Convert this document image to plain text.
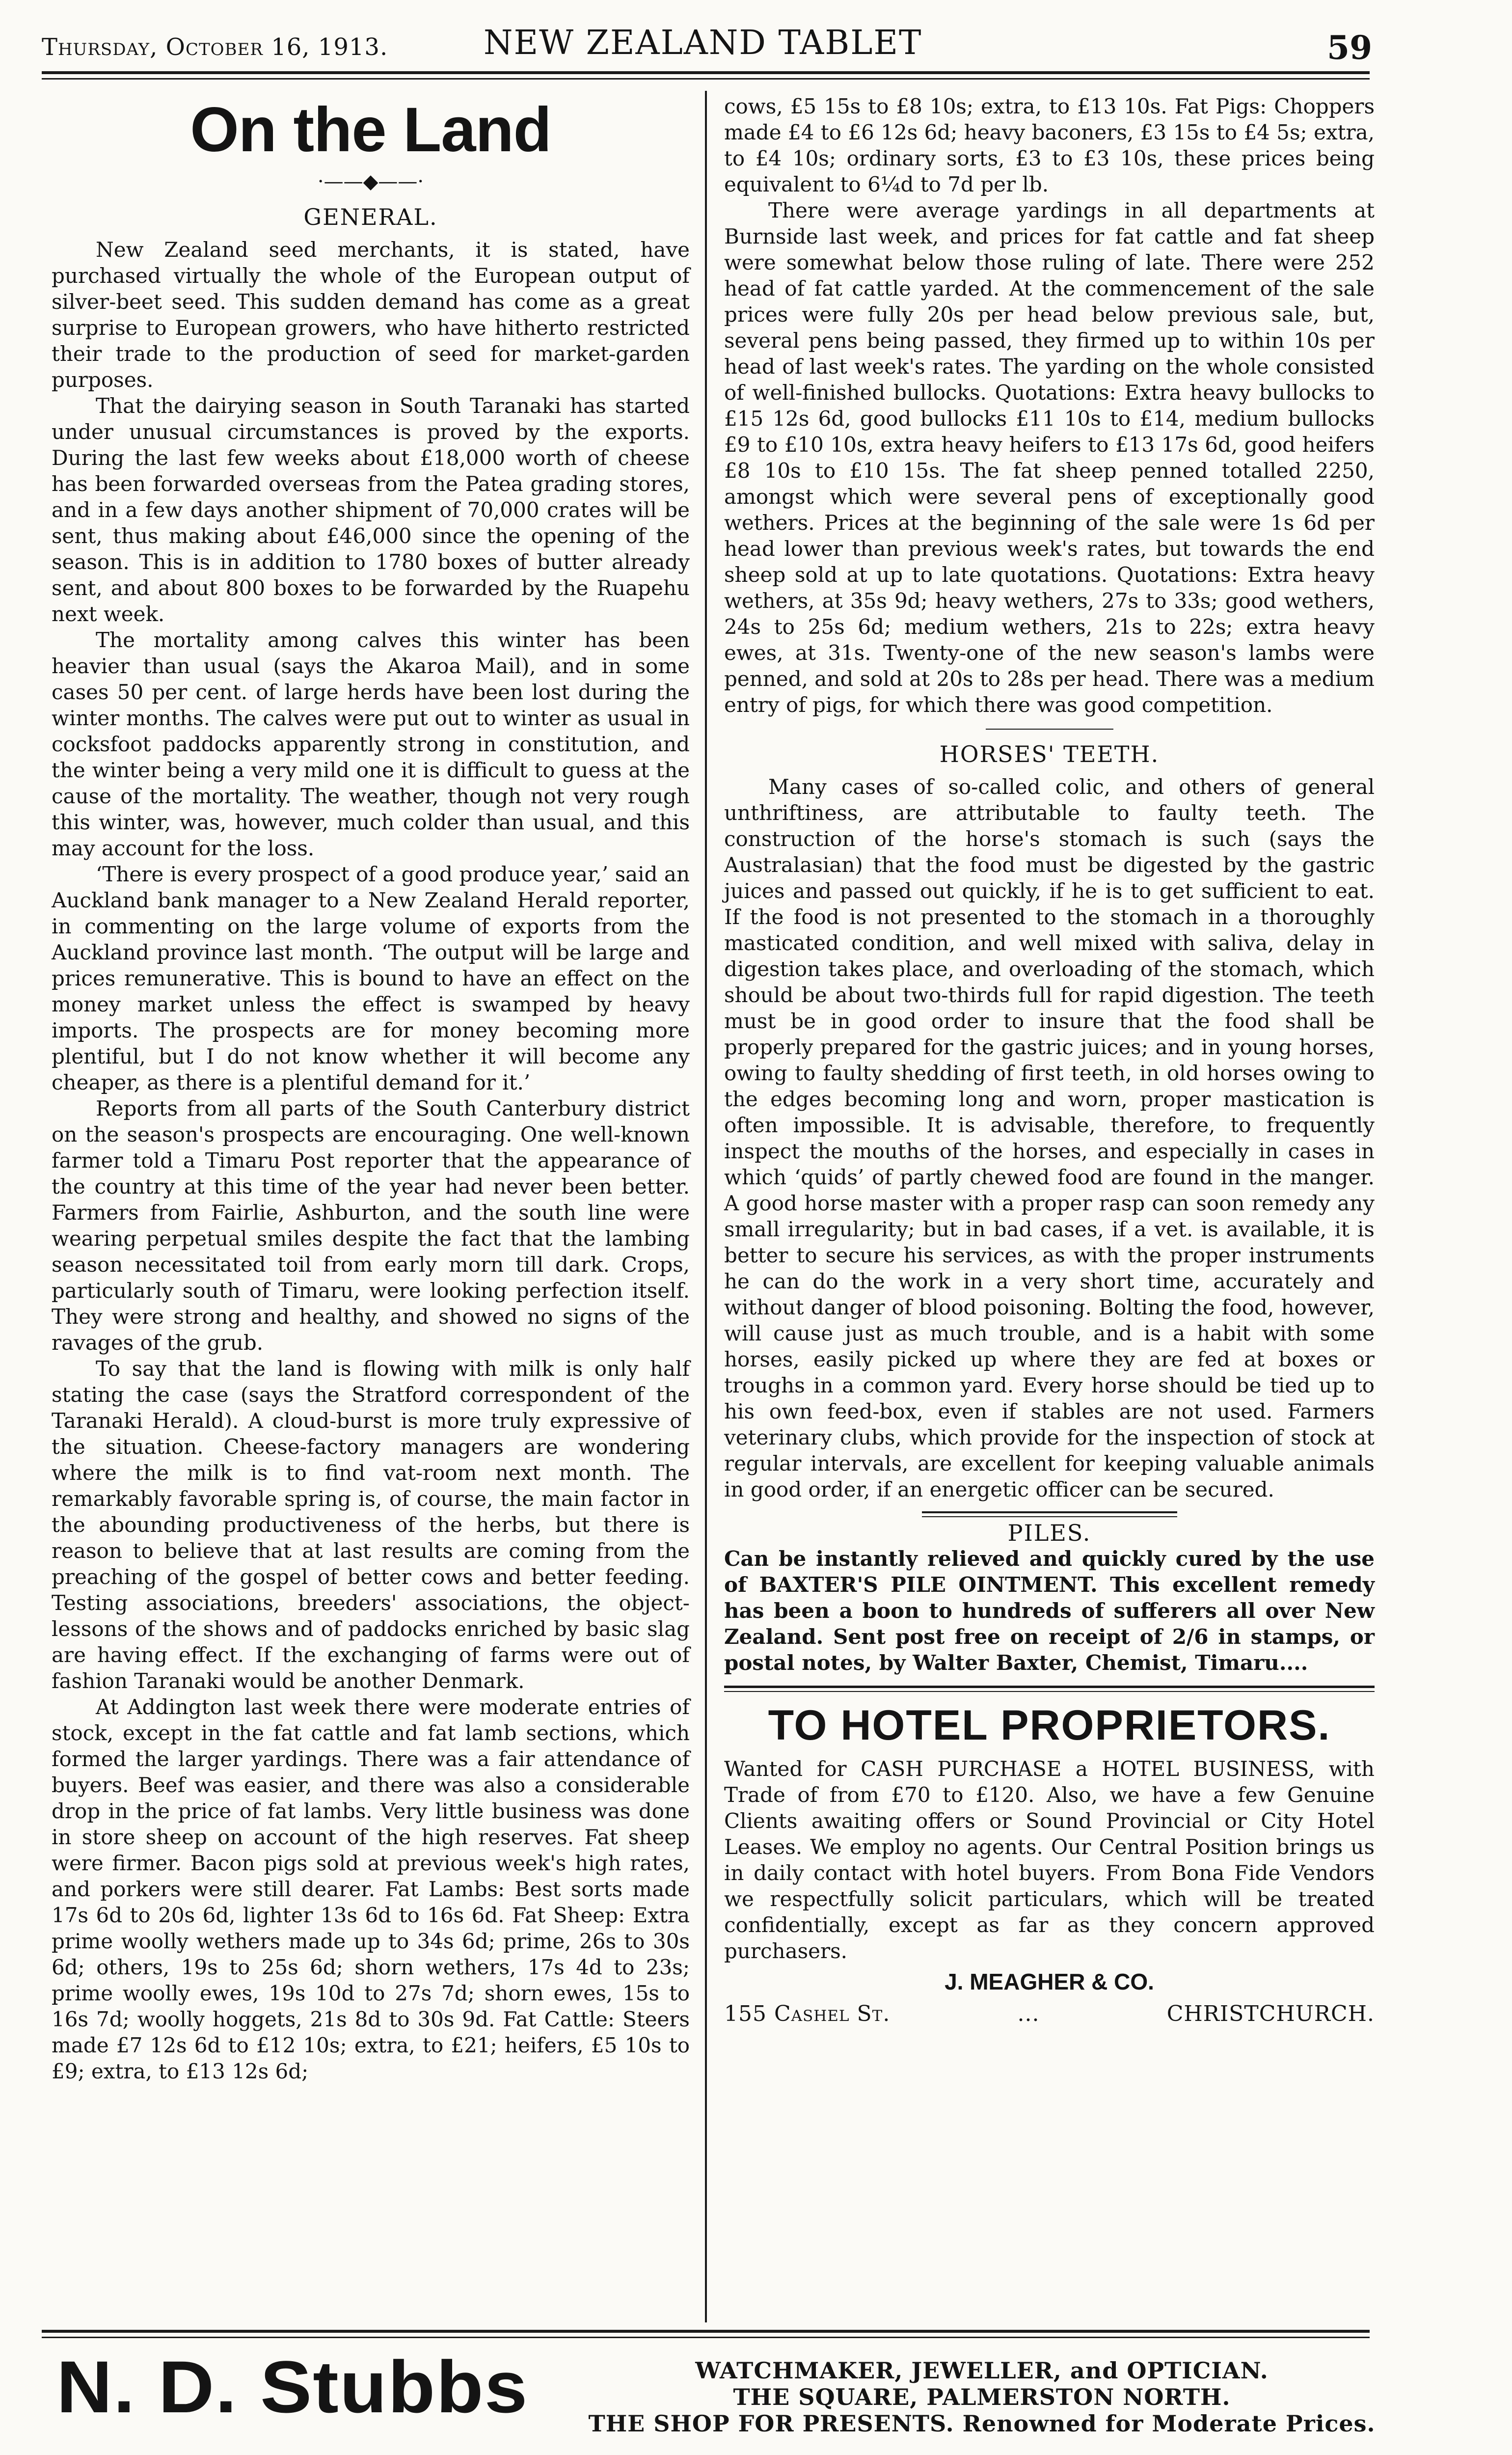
Thursday, October 16, 1913.	NEW ZEALAND TABLET	59
On the Land
·——◆——·
GENERAL.

New Zealand seed merchants, it is stated, have purchased virtually the whole of the European output of silver-beet seed. This sudden demand has come as a great surprise to European growers, who have hitherto restricted their trade to the production of seed for market-garden purposes.

That the dairying season in South Taranaki has started under unusual circumstances is proved by the exports. During the last few weeks about £18,000 worth of cheese has been forwarded overseas from the Patea grading stores, and in a few days another shipment of 70,000 crates will be sent, thus making about £46,000 since the opening of the season. This is in addition to 1780 boxes of butter already sent, and about 800 boxes to be forwarded by the Ruapehu next week.

The mortality among calves this winter has been heavier than usual (says the Akaroa Mail), and in some cases 50 per cent. of large herds have been lost during the winter months. The calves were put out to winter as usual in cocksfoot paddocks apparently strong in constitution, and the winter being a very mild one it is difficult to guess at the cause of the mortality. The weather, though not very rough this winter, was, however, much colder than usual, and this may account for the loss.

‘There is every prospect of a good produce year,’ said an Auckland bank manager to a New Zealand Herald reporter, in commenting on the large volume of exports from the Auckland province last month. ‘The output will be large and prices remunerative. This is bound to have an effect on the money market unless the effect is swamped by heavy imports. The prospects are for money becoming more plentiful, but I do not know whether it will become any cheaper, as there is a plentiful demand for it.’

Reports from all parts of the South Canterbury district on the season's prospects are encouraging. One well-known farmer told a Timaru Post reporter that the appearance of the country at this time of the year had never been better. Farmers from Fairlie, Ashburton, and the south line were wearing perpetual smiles despite the fact that the lambing season necessitated toil from early morn till dark. Crops, particularly south of Timaru, were looking perfection itself. They were strong and healthy, and showed no signs of the ravages of the grub.

To say that the land is flowing with milk is only half stating the case (says the Stratford correspondent of the Taranaki Herald). A cloud-burst is more truly expressive of the situation. Cheese-factory managers are wondering where the milk is to find vat-room next month. The remarkably favorable spring is, of course, the main factor in the abounding productiveness of the herbs, but there is reason to believe that at last results are coming from the preaching of the gospel of better cows and better feeding. Testing associations, breeders' associations, the object-lessons of the shows and of paddocks enriched by basic slag are having effect. If the exchanging of farms were out of fashion Taranaki would be another Denmark.

At Addington last week there were moderate entries of stock, except in the fat cattle and fat lamb sections, which formed the larger yardings. There was a fair attendance of buyers. Beef was easier, and there was also a considerable drop in the price of fat lambs. Very little business was done in store sheep on account of the high reserves. Fat sheep were firmer. Bacon pigs sold at previous week's high rates, and porkers were still dearer. Fat Lambs: Best sorts made 17s 6d to 20s 6d, lighter 13s 6d to 16s 6d. Fat Sheep: Extra prime woolly wethers made up to 34s 6d; prime, 26s to 30s 6d; others, 19s to 25s 6d; shorn wethers, 17s 4d to 23s; prime woolly ewes, 19s 10d to 27s 7d; shorn ewes, 15s to 16s 7d; woolly hoggets, 21s 8d to 30s 9d. Fat Cattle: Steers made £7 12s 6d to £12 10s; extra, to £21; heifers, £5 10s to £9; extra, to £13 12s 6d;

cows, £5 15s to £8 10s; extra, to £13 10s. Fat Pigs: Choppers made £4 to £6 12s 6d; heavy baconers, £3 15s to £4 5s; extra, to £4 10s; ordinary sorts, £3 to £3 10s, these prices being equivalent to 6¼d to 7d per lb.

There were average yardings in all departments at Burnside last week, and prices for fat cattle and fat sheep were somewhat below those ruling of late. There were 252 head of fat cattle yarded. At the commencement of the sale prices were fully 20s per head below previous sale, but, several pens being passed, they firmed up to within 10s per head of last week's rates. The yarding on the whole consisted of well-finished bullocks. Quotations: Extra heavy bullocks to £15 12s 6d, good bullocks £11 10s to £14, medium bullocks £9 to £10 10s, extra heavy heifers to £13 17s 6d, good heifers £8 10s to £10 15s. The fat sheep penned totalled 2250, amongst which were several pens of exceptionally good wethers. Prices at the beginning of the sale were 1s 6d per head lower than previous week's rates, but towards the end sheep sold at up to late quotations. Quotations: Extra heavy wethers, at 35s 9d; heavy wethers, 27s to 33s; good wethers, 24s to 25s 6d; medium wethers, 21s to 22s; extra heavy ewes, at 31s. Twenty-one of the new season's lambs were penned, and sold at 20s to 28s per head. There was a medium entry of pigs, for which there was good competition.

HORSES' TEETH.

Many cases of so-called colic, and others of general unthriftiness, are attributable to faulty teeth. The construction of the horse's stomach is such (says the Australasian) that the food must be digested by the gastric juices and passed out quickly, if he is to get sufficient to eat. If the food is not presented to the stomach in a thoroughly masticated condition, and well mixed with saliva, delay in digestion takes place, and overloading of the stomach, which should be about two-thirds full for rapid digestion. The teeth must be in good order to insure that the food shall be properly prepared for the gastric juices; and in young horses, owing to faulty shedding of first teeth, in old horses owing to the edges becoming long and worn, proper mastication is often impossible. It is advisable, therefore, to frequently inspect the mouths of the horses, and especially in cases in which ‘quids’ of partly chewed food are found in the manger. A good horse master with a proper rasp can soon remedy any small irregularity; but in bad cases, if a vet. is available, it is better to secure his services, as with the proper instruments he can do the work in a very short time, accurately and without danger of blood poisoning. Bolting the food, however, will cause just as much trouble, and is a habit with some horses, easily picked up where they are fed at boxes or troughs in a common yard. Every horse should be tied up to his own feed-box, even if stables are not used. Farmers veterinary clubs, which provide for the inspection of stock at regular intervals, are excellent for keeping valuable animals in good order, if an energetic officer can be secured.

PILES.

Can be instantly relieved and quickly cured by the use of BAXTER'S PILE OINTMENT. This excellent remedy has been a boon to hundreds of sufferers all over New Zealand. Sent post free on receipt of 2/6 in stamps, or postal notes, by Walter Baxter, Chemist, Timaru....

TO HOTEL PROPRIETORS.

Wanted for CASH PURCHASE a HOTEL BUSINESS, with Trade of from £70 to £120. Also, we have a few Genuine Clients awaiting offers or Sound Provincial or City Hotel Leases. We employ no agents. Our Central Position brings us in daily contact with hotel buyers. From Bona Fide Vendors we respectfully solicit particulars, which will be treated confidentially, except as far as they concern approved purchasers.

J. MEAGHER & CO.
155 Cashel St.	...	CHRISTCHURCH.
N. D. Stubbs	WATCHMAKER, JEWELLER, and OPTICIAN.
THE SQUARE, PALMERSTON NORTH.
THE SHOP FOR PRESENTS. Renowned for Moderate Prices.
